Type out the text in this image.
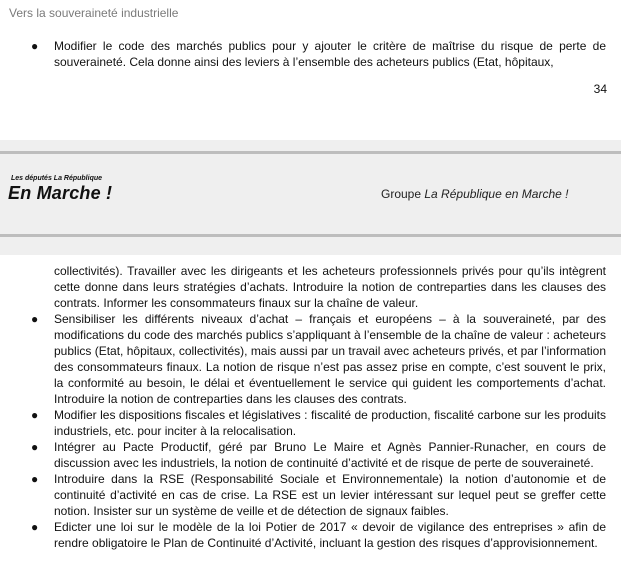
Vers la souveraineté industrielle
● Modifier le code des marchés publics pour y ajouter le critère de maîtrise du risque de perte de souveraineté. Cela donne ainsi des leviers à l’ensemble des acheteurs publics (Etat, hôpitaux,
34
Les députés La République
En Marche !	Groupe La République en Marche !
collectivités). Travailler avec les dirigeants et les acheteurs professionnels privés pour qu’ils intègrent cette donne dans leurs stratégies d’achats. Introduire la notion de contreparties dans les clauses des contrats. Informer les consommateurs finaux sur la chaîne de valeur.
● Sensibiliser les différents niveaux d’achat – français et européens – à la souveraineté, par des modifications du code des marchés publics s’appliquant à l’ensemble de la chaîne de valeur : acheteurs publics (Etat, hôpitaux, collectivités), mais aussi par un travail avec acheteurs privés, et par l’information des consommateurs finaux. La notion de risque n’est pas assez prise en compte, c’est souvent le prix, la conformité au besoin, le délai et éventuellement le service qui guident les comportements d’achat. Introduire la notion de contreparties dans les clauses des contrats.
● Modifier les dispositions fiscales et législatives : fiscalité de production, fiscalité carbone sur les produits industriels, etc. pour inciter à la relocalisation.
● Intégrer au Pacte Productif, géré par Bruno Le Maire et Agnès Pannier-Runacher, en cours de discussion avec les industriels, la notion de continuité d’activité et de risque de perte de souveraineté.
● Introduire dans la RSE (Responsabilité Sociale et Environnementale) la notion d’autonomie et de continuité d’activité en cas de crise. La RSE est un levier intéressant sur lequel peut se greffer cette notion. Insister sur un système de veille et de détection de signaux faibles.
● Edicter une loi sur le modèle de la loi Potier de 2017 « devoir de vigilance des entreprises » afin de rendre obligatoire le Plan de Continuité d’Activité, incluant la gestion des risques d’approvisionnement.
